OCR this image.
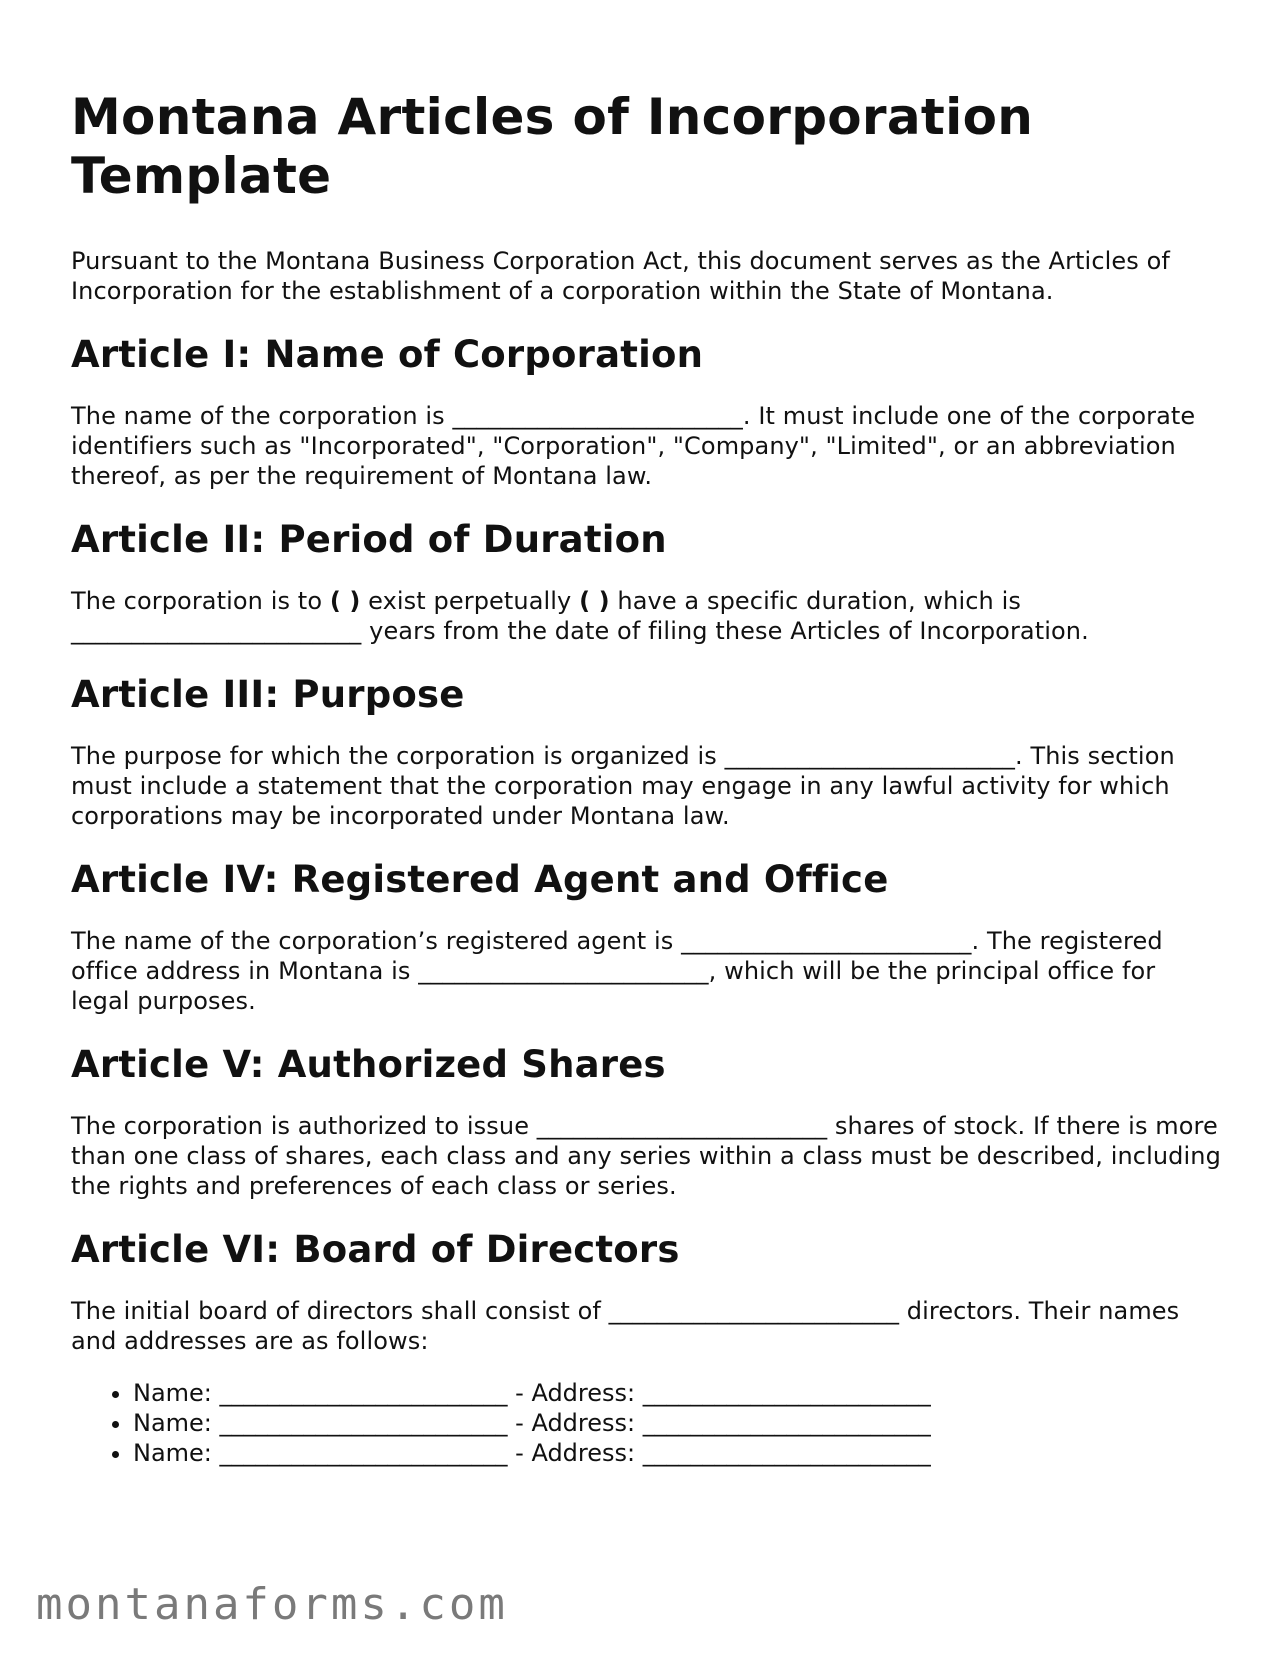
Montana Articles of Incorporation Template

Pursuant to the Montana Business Corporation Act, this document serves as the Articles of Incorporation for the establishment of a corporation within the State of Montana.

Article I: Name of Corporation

The name of the corporation is ________________________. It must include one of the corporate identifiers such as "Incorporated", "Corporation", "Company", "Limited", or an abbreviation thereof, as per the requirement of Montana law.

Article II: Period of Duration

The corporation is to ( ) exist perpetually ( ) have a specific duration, which is ________________________ years from the date of filing these Articles of Incorporation.

Article III: Purpose

The purpose for which the corporation is organized is ________________________. This section must include a statement that the corporation may engage in any lawful activity for which corporations may be incorporated under Montana law.

Article IV: Registered Agent and Office

The name of the corporation’s registered agent is ________________________. The registered office address in Montana is ________________________, which will be the principal office for legal purposes.

Article V: Authorized Shares

The corporation is authorized to issue ________________________ shares of stock. If there is more than one class of shares, each class and any series within a class must be described, including the rights and preferences of each class or series.

Article VI: Board of Directors

The initial board of directors shall consist of ________________________ directors. Their names and addresses are as follows:

• Name: ________________________ - Address: ________________________
• Name: ________________________ - Address: ________________________
• Name: ________________________ - Address: ________________________
montanaforms.com
